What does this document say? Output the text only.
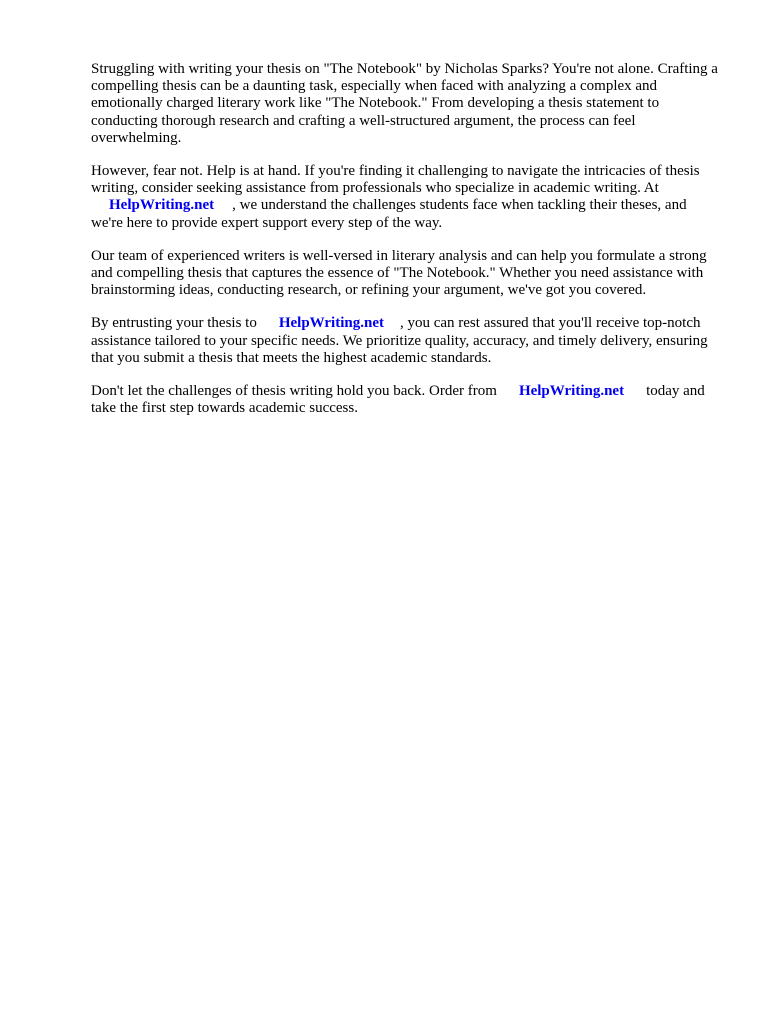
Struggling with writing your thesis on "The Notebook" by Nicholas Sparks? You're not alone. Crafting a compelling thesis can be a daunting task, especially when faced with analyzing a complex and emotionally charged literary work like "The Notebook." From developing a thesis statement to conducting thorough research and crafting a well-structured argument, the process can feel overwhelming.

However, fear not. Help is at hand. If you're finding it challenging to navigate the intricacies of thesis writing, consider seeking assistance from professionals who specialize in academic writing. At
HelpWriting.net , we understand the challenges students face when tackling their theses, and we're here to provide expert support every step of the way.

Our team of experienced writers is well-versed in literary analysis and can help you formulate a strong and compelling thesis that captures the essence of "The Notebook." Whether you need assistance with brainstorming ideas, conducting research, or refining your argument, we've got you covered.

By entrusting your thesis to HelpWriting.net , you can rest assured that you'll receive top-notch assistance tailored to your specific needs. We prioritize quality, accuracy, and timely delivery, ensuring that you submit a thesis that meets the highest academic standards.

Don't let the challenges of thesis writing hold you back. Order from HelpWriting.net today and take the first step towards academic success.
